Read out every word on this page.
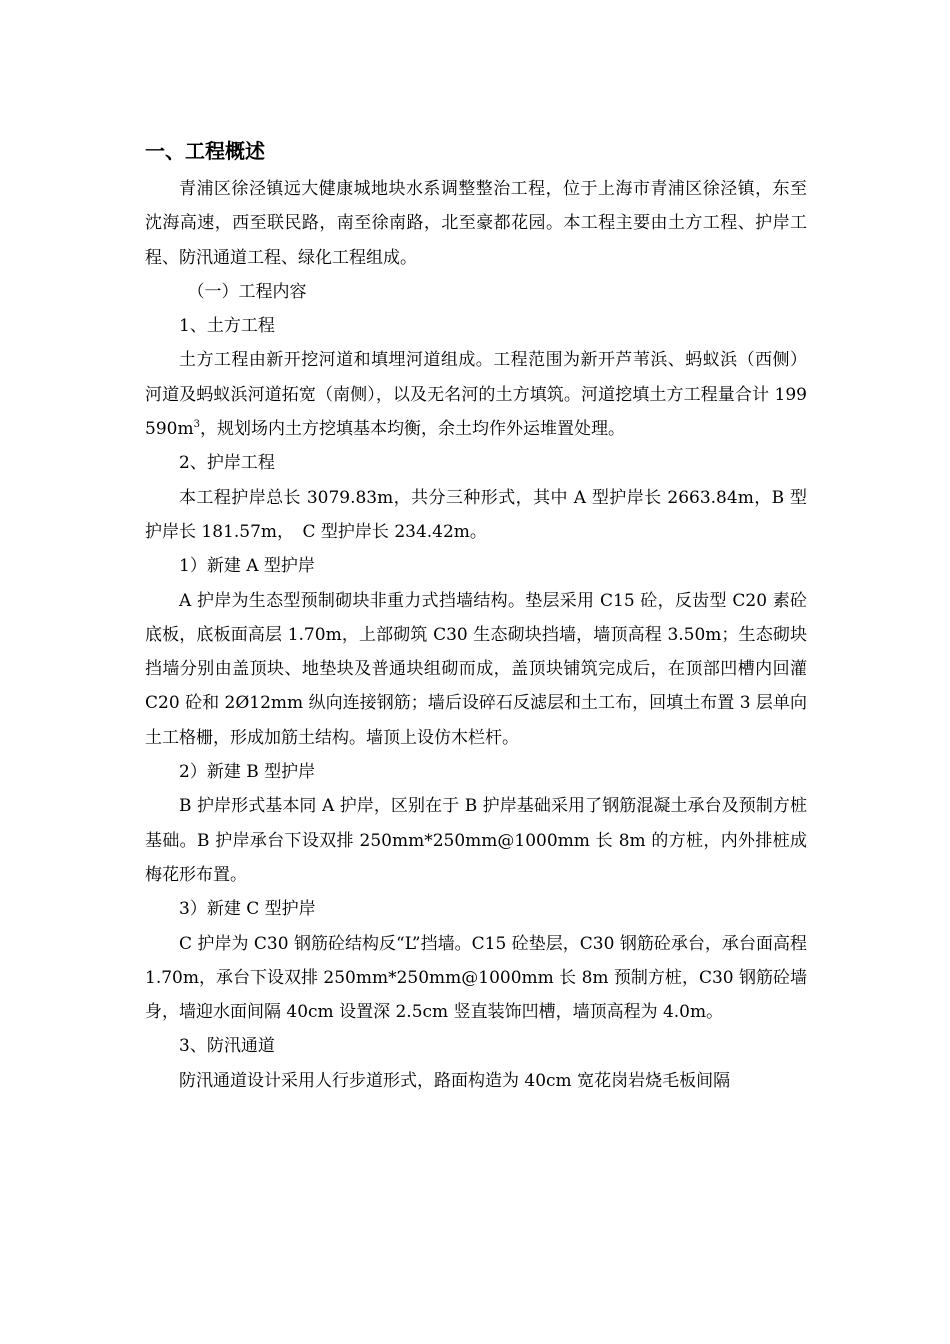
一、工程概述

青浦区徐泾镇远大健康城地块水系调整整治工程，位于上海市青浦区徐泾镇，东至沈海高速，西至联民路，南至徐南路，北至豪都花园。本工程主要由土方工程、护岸工程、防汛通道工程、绿化工程组成。

（一）工程内容
1、土方工程

土方工程由新开挖河道和填埋河道组成。工程范围为新开芦苇浜、蚂蚁浜（西侧）河道及蚂蚁浜河道拓宽（南侧），以及无名河的土方填筑。河道挖填土方工程量合计 $199590m^3$，规划场内土方挖填基本均衡，余土均作外运堆置处理。

2、护岸工程

本工程护岸总长 3079.83m，共分三种形式，其中 A 型护岸长 2663.84m，B 型护岸长 181.57m，　C 型护岸长 234.42m。

1）新建 A 型护岸

A 护岸为生态型预制砌块非重力式挡墙结构。垫层采用 C15 砼，反齿型 C20 素砼底板，底板面高层 1.70m，上部砌筑 C30 生态砌块挡墙，墙顶高程 3.50m；生态砌块挡墙分别由盖顶块、地垫块及普通块组砌而成，盖顶块铺筑完成后，在顶部凹槽内回灌 C20 砼和 2Ø12mm 纵向连接钢筋；墙后设碎石反滤层和土工布，回填土布置 3 层单向土工格栅，形成加筋土结构。墙顶上设仿木栏杆。

2）新建 B 型护岸

B 护岸形式基本同 A 护岸，区别在于 B 护岸基础采用了钢筋混凝土承台及预制方桩基础。B 护岸承台下设双排 250mm*250mm@1000mm 长 8m 的方桩，内外排桩成梅花形布置。

3）新建 C 型护岸

C 护岸为 C30 钢筋砼结构反“L”挡墙。C15 砼垫层，C30 钢筋砼承台，承台面高程 1.70m，承台下设双排 250mm*250mm@1000mm 长 8m 预制方桩，C30 钢筋砼墙身，墙迎水面间隔 40cm 设置深 2.5cm 竖直装饰凹槽，墙顶高程为 4.0m。

3、防汛通道

防汛通道设计采用人行步道形式，路面构造为 40cm 宽花岗岩烧毛板间隔
